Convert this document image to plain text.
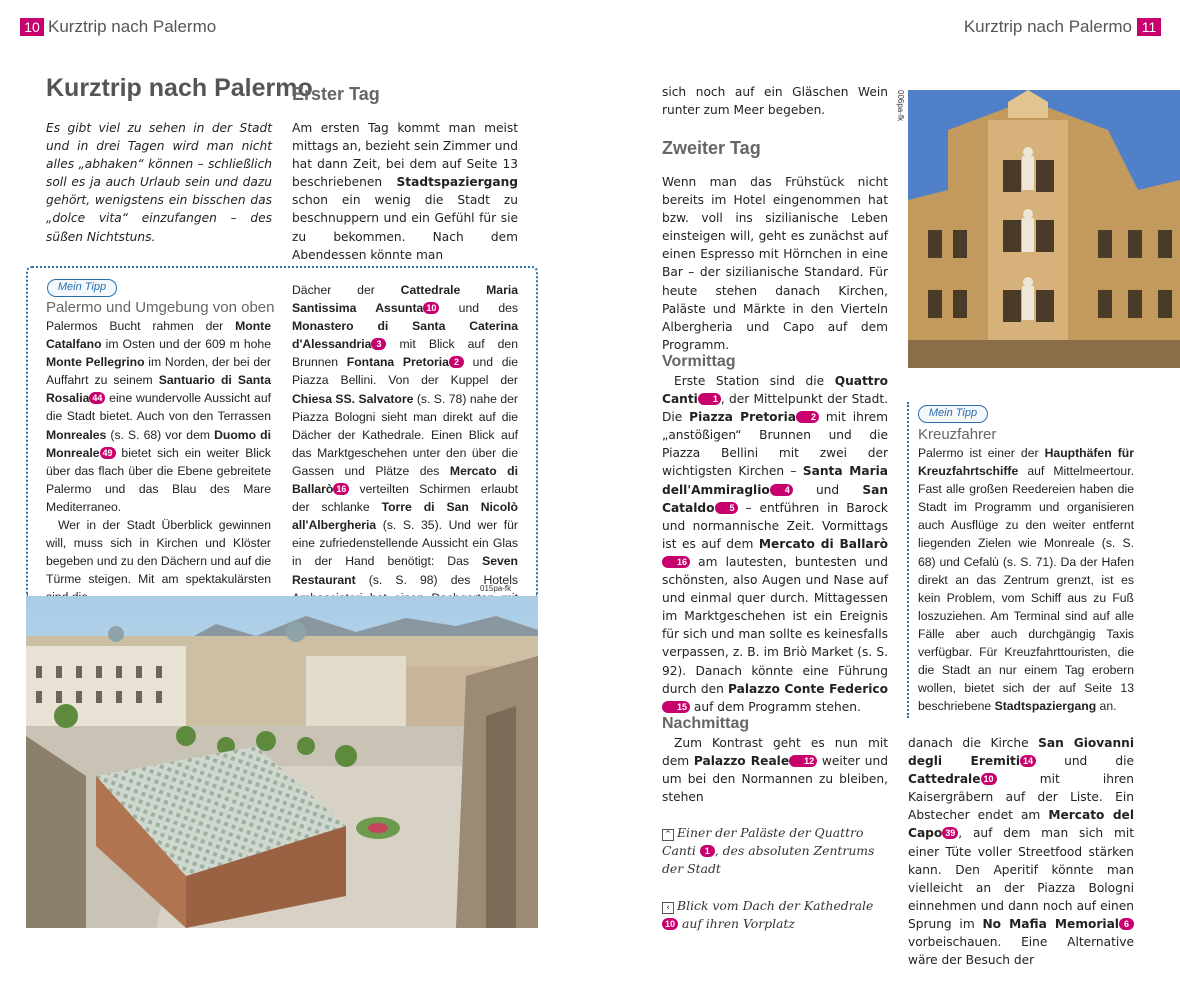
10 Kurztrip nach Palermo	Kurztrip nach Palermo 11
Kurztrip nach Palermo
Es gibt viel zu sehen in der Stadt und in drei Tagen wird man nicht alles „abhaken“ können – schließlich soll es ja auch Urlaub sein und dazu gehört, wenigstens ein bisschen das „dolce vita“ einzufangen – des süßen Nichtstuns.
Erster Tag

Am ersten Tag kommt man meist mittags an, bezieht sein Zimmer und hat dann Zeit, bei dem auf Seite 13 beschriebenen Stadtspaziergang schon ein wenig die Stadt zu beschnuppern und ein Gefühl für sie zu bekommen. Nach dem Abendessen könnte man

Mein Tipp
Palermo und Umgebung von oben

Palermos Bucht rahmen der Monte Catalfano im Osten und der 609 m hohe Monte Pellegrino im Norden, der bei der Auffahrt zu seinem Santuario di Santa Rosalia 44 eine wundervolle Aussicht auf die Stadt bietet. Auch von den Terrassen Monreales (s. S. 68) vor dem Duomo di Monreale 49 bietet sich ein weiter Blick über das flach über die Ebene gebreitete Palermo und das Blau des Mare Mediterraneo.

Wer in der Stadt Überblick gewinnen will, muss sich in Kirchen und Klöster begeben und zu den Dächern und auf die Türme steigen. Mit am spektakulärsten

Dächer der Cattedrale Maria Santissima Assunta 10 und des Monastero di Santa Caterina d'Alessandria 3 mit Blick auf den Brunnen Fontana Pretoria 2 und die Piazza Bellini. Von der Kuppel der Chiesa SS. Salvatore (s. S. 78) nahe der Piazza Bologni sieht man direkt auf die Dächer der Kathedrale. Einen Blick auf das Marktgeschehen unter den über die Gassen und Plätze des Mercato di Ballarò 16 verteilten Schirmen erlaubt der schlanke Torre di San Nicolò all'Albergheria (s. S. 35). Und wer für eine zufriedenstellende Aussicht ein Glas in der Hand benötigt: Das Seven Restaurant (s. S. 98) des Hotels

015pa-fk

sich noch auf ein Gläschen Wein runter zum Meer begeben.

Zweiter Tag

Wenn man das Frühstück nicht bereits im Hotel eingenommen hat bzw. voll ins sizilianische Leben einsteigen will, geht es zunächst auf einen Espresso mit Hörnchen in eine Bar – der sizilianische Standard. Für heute stehen danach Kirchen, Paläste und Märkte in den Vierteln Albergheria und Capo auf dem Programm.

Vormittag

Erste Station sind die Quattro Canti 1 , der Mittelpunkt der Stadt. Die Piazza Pretoria 2 mit ihrem „anstößigen“ Brunnen und die Piazza Bellini mit zwei der wichtigsten Kirchen – Santa Maria dell'Ammiraglio 4 und San Cataldo 5 – entführen in Barock und normannische Zeit. Vormittags ist es auf dem Mercato di Ballarò16 am lautesten, buntesten und schönsten, also Augen und Nase auf und einmal quer durch. Mittagessen im Marktgeschehen ist ein Ereignis für sich und man sollte es keinesfalls verpassen, z. B. im Briò Market (s. S. 92). Danach könnte eine Führung durch den Palazzo Conte Federico15 auf dem Programm stehen.

Nachmittag

Zum Kontrast geht es nun mit dem Palazzo Reale 12 weiter und um bei den Normannen zu bleiben, stehen

⌃ Einer der Paläste der Quattro Canti 1 , des absoluten Zentrums der Stadt
‹ Blick vom Dach der Kathedrale10 auf ihren Vorplatz
006pa-fk
Mein Tipp
Kreuzfahrer

Palermo ist einer der Haupthäfen für Kreuzfahrtschiffe auf Mittelmeertour. Fast alle großen Reedereien haben die Stadt im Programm und organisieren auch Ausflüge zu den weiter entfernt liegenden Zielen wie Monreale (s. S. 68) und Cefalù (s. S. 71). Da der Hafen direkt an das Zentrum grenzt, ist es kein Problem, vom Schiff aus zu Fuß loszuziehen. Am Terminal sind auf alle Fälle aber auch durchgängig Taxis verfügbar. Für Kreuzfahrttouristen, die die Stadt an nur einem Tag erobern wollen, bietet sich der auf Seite 13 beschriebene Stadtspaziergang an.

danach die Kirche San Giovanni degli Eremiti 14 und die Cattedrale 10 mit ihren Kaisergräbern auf der Liste. Ein Abstecher endet am Mercato del Capo 39 , auf dem man sich mit einer Tüte voller Streetfood stärken kann. Den Aperitif könnte man vielleicht an der Piazza Bologni einnehmen und dann noch auf einen Sprung im No Mafia Memorial 6 vorbeischauen. Eine Alternative wäre der Besuch der
